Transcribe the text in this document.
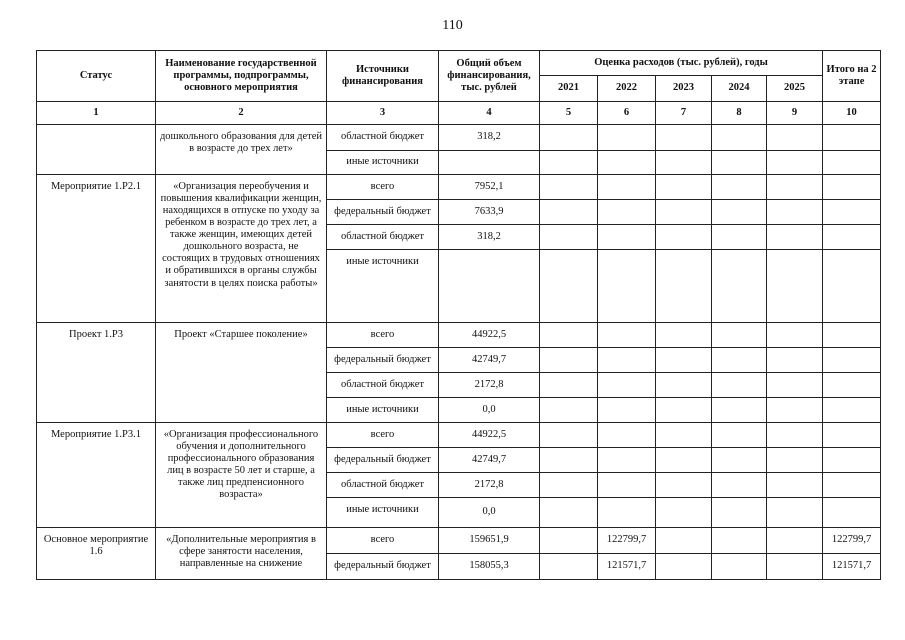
110
Статус	Наименование государственной программы, подпрограммы, основного мероприятия	Источники финансирования	Общий объем финансирования, тыс. рублей	Оценка расходов (тыс. рублей), годы					Итого на 2 этапе
				2021	2022	2023	2024	2025	
1	2	3	4	5	6	7	8	9	10
	дошкольного образования для детей в возрасте до трех лет»	областной бюджет	318,2						
		иные источники							
Мероприятие 1.Р2.1	«Организация переобучения и повышения квалификации женщин, находящихся в отпуске по уходу за ребенком в возрасте до трех лет, а также женщин, имеющих детей дошкольного возраста, не состоящих в трудовых отношениях и обратившихся в органы службы занятости в целях поиска работы»	всего	7952,1						
		федеральный бюджет	7633,9						
		областной бюджет	318,2						
		иные источники							
Проект 1.Р3	Проект «Старшее поколение»	всего	44922,5						
		федеральный бюджет	42749,7						
		областной бюджет	2172,8						
		иные источники	0,0						
Мероприятие 1.Р3.1	«Организация профессионального обучения и дополнительного профессионального образования лиц в возрасте 50 лет и старше, а также лиц предпенсионного возраста»	всего	44922,5						
		федеральный бюджет	42749,7						
		областной бюджет	2172,8						
		иные источники	0,0						
Основное мероприятие 1.6	«Дополнительные мероприятия в сфере занятости населения, направленные на снижение	всего	159651,9		122799,7				122799,7
		федеральный бюджет	158055,3		121571,7				121571,7
